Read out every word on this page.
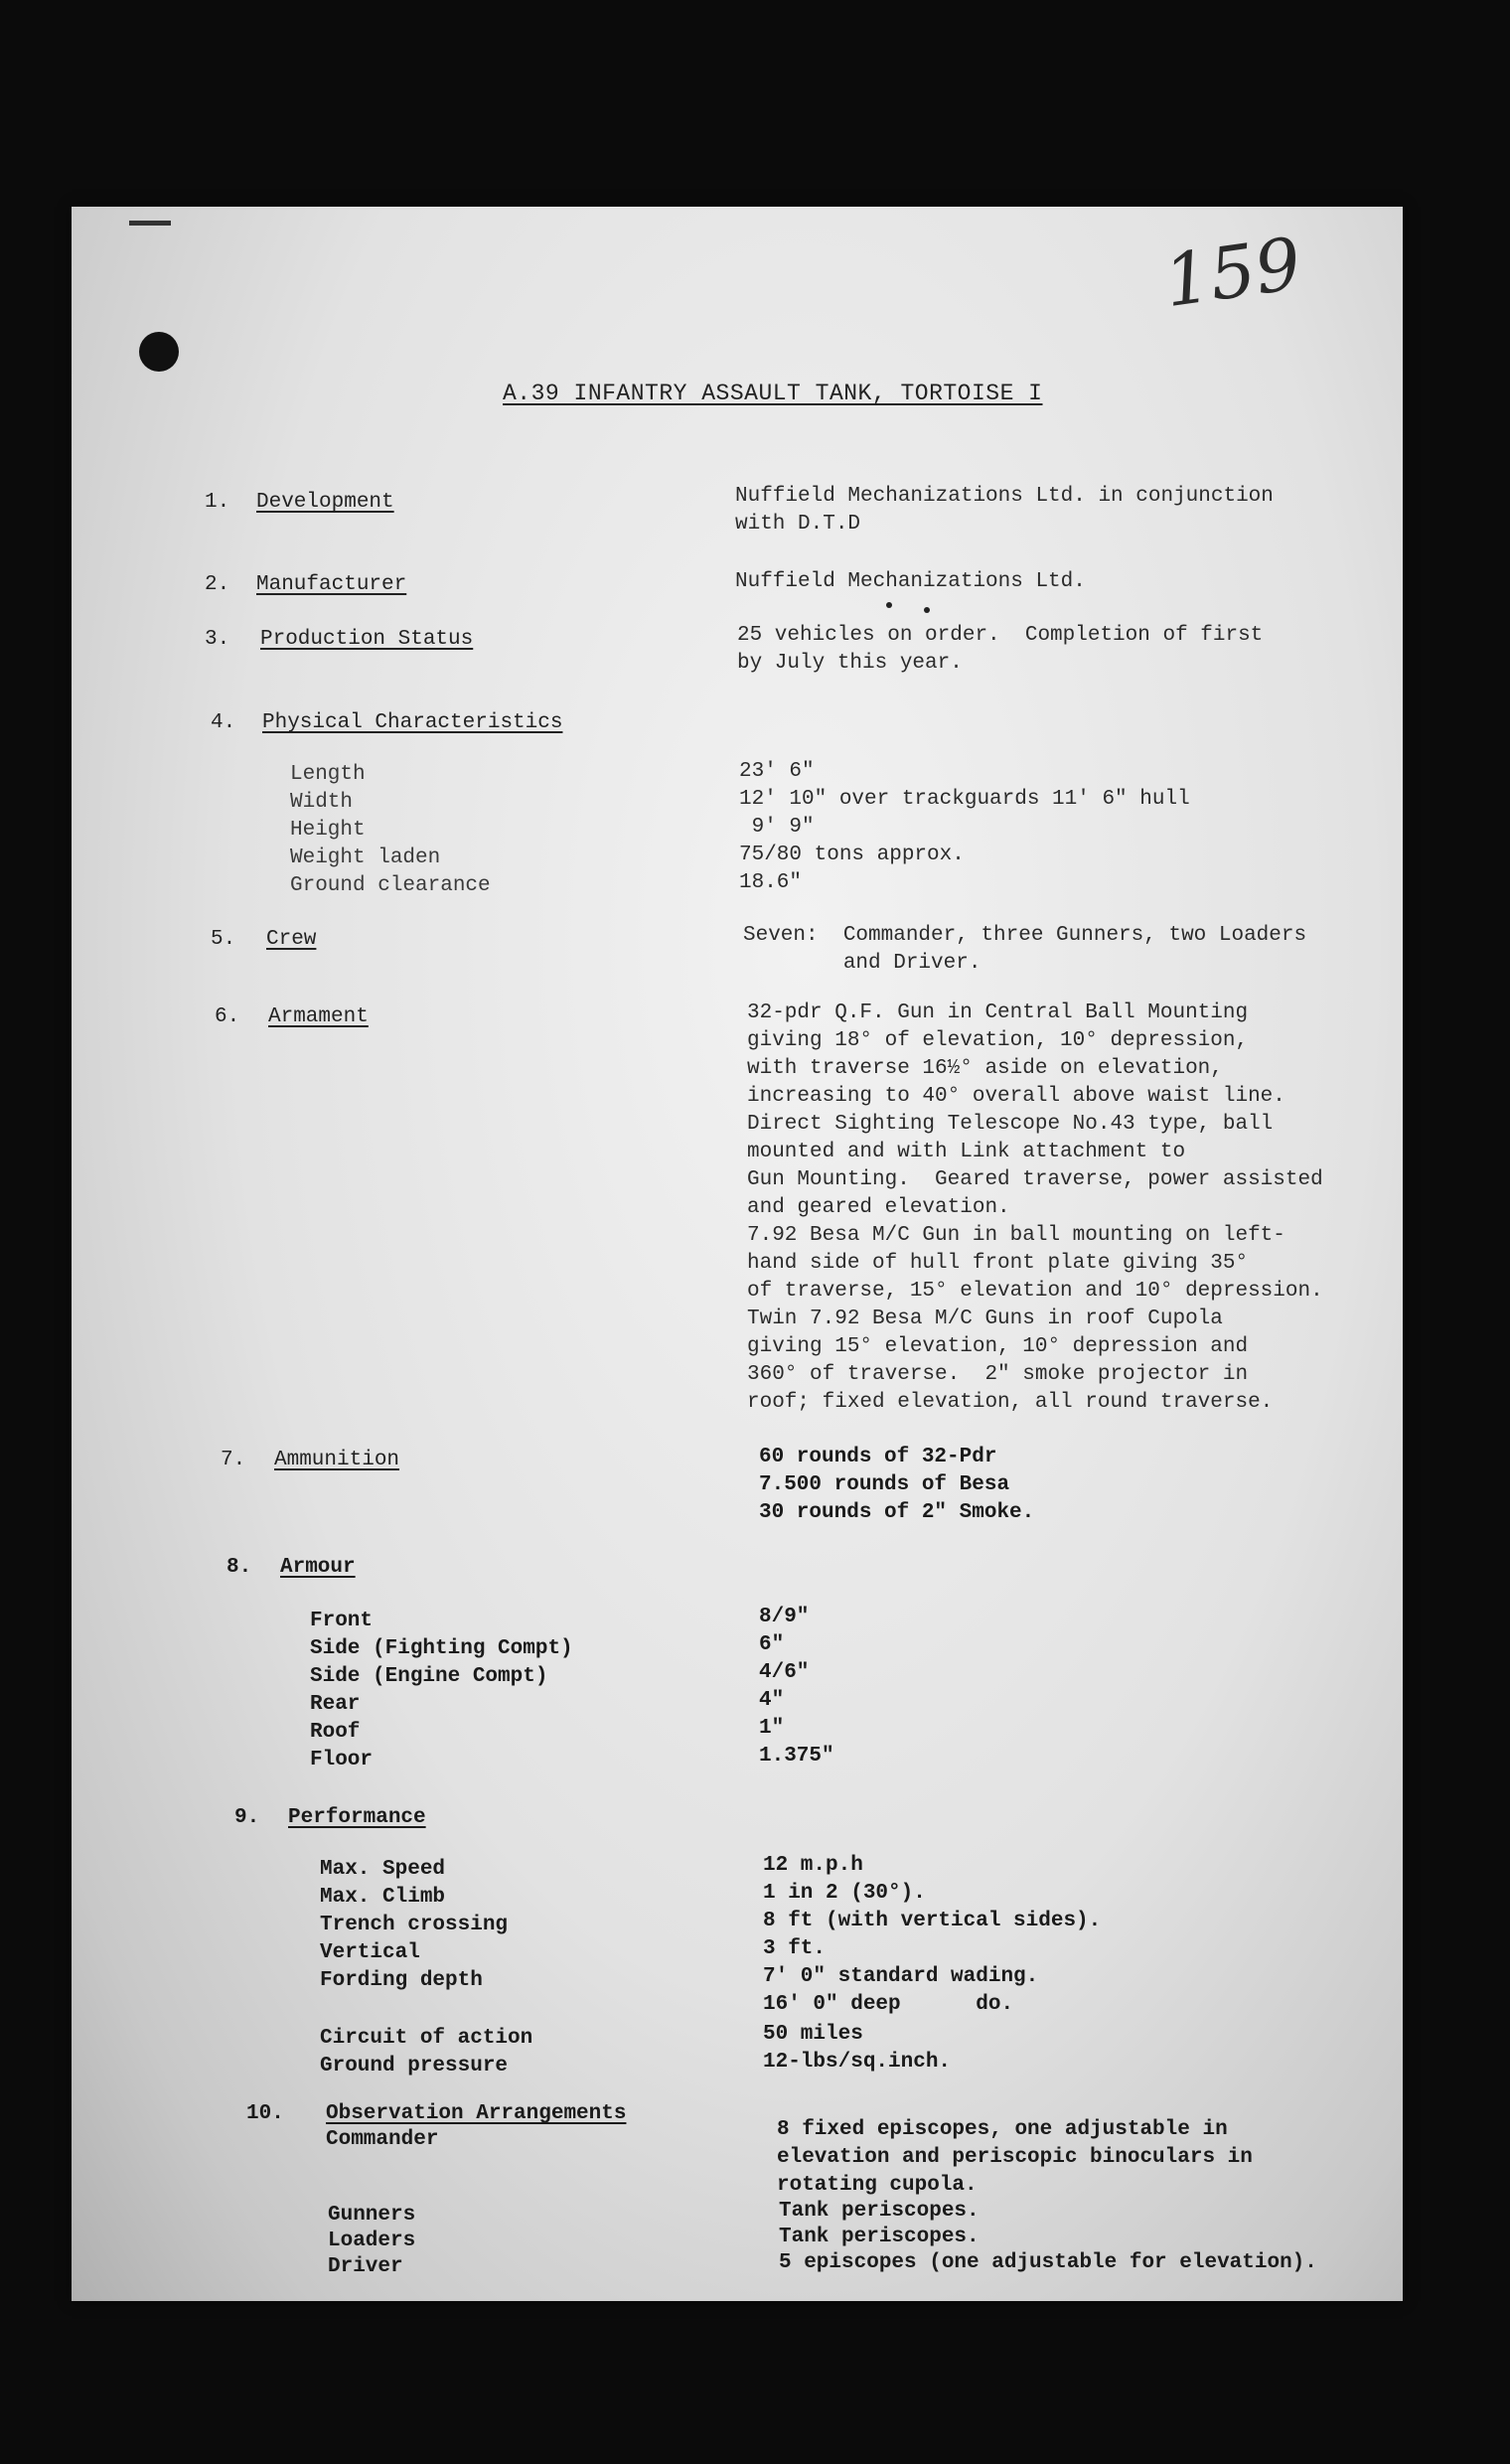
159
A.39 INFANTRY ASSAULT TANK, TORTOISE I
1. Development	Nuffield Mechanizations Ltd. in conjunction
with D.T.D
2. Manufacturer	Nuffield Mechanizations Ltd.
3. Production Status	25 vehicles on order.  Completion of first
by July this year.
4. Physical Characteristics
Length	23' 6"
Width	12' 10" over trackguards 11' 6" hull
Height	9' 9"
Weight laden	75/80 tons approx.
Ground clearance	18.6"
5. Crew	Seven:  Commander, three Gunners, two Loaders
and Driver.
6. Armament	32-pdr Q.F. Gun in Central Ball Mounting
giving 18° of elevation, 10° depression,
with traverse 16½° aside on elevation,
increasing to 40° overall above waist line.
Direct Sighting Telescope No.43 type, ball
mounted and with Link attachment to
Gun Mounting.  Geared traverse, power assisted
and geared elevation.
7.92 Besa M/C Gun in ball mounting on left-
hand side of hull front plate giving 35°
of traverse, 15° elevation and 10° depression.
Twin 7.92 Besa M/C Guns in roof Cupola
giving 15° elevation, 10° depression and
360° of traverse.  2" smoke projector in
roof; fixed elevation, all round traverse.
7. Ammunition	60 rounds of 32-Pdr
7.500 rounds of Besa
30 rounds of 2" Smoke.
8. Armour
Front	8/9"
Side (Fighting Compt)	6"
Side (Engine Compt)	4/6"
Rear	4"
Roof	1"
Floor	1.375"
9. Performance
Max. Speed	12 m.p.h
Max. Climb	1 in 2 (30°).
Trench crossing	8 ft (with vertical sides).
Vertical	3 ft.
Fording depth	7' 0" standard wading.
16' 0" deep      do.
Circuit of action	50 miles
Ground pressure	12-lbs/sq.inch.
10. Observation Arrangements
Commander	8 fixed episcopes, one adjustable in
elevation and periscopic binoculars in
rotating cupola.
Gunners	Tank periscopes.
Loaders	Tank periscopes.
Driver	5 episcopes (one adjustable for elevation).
